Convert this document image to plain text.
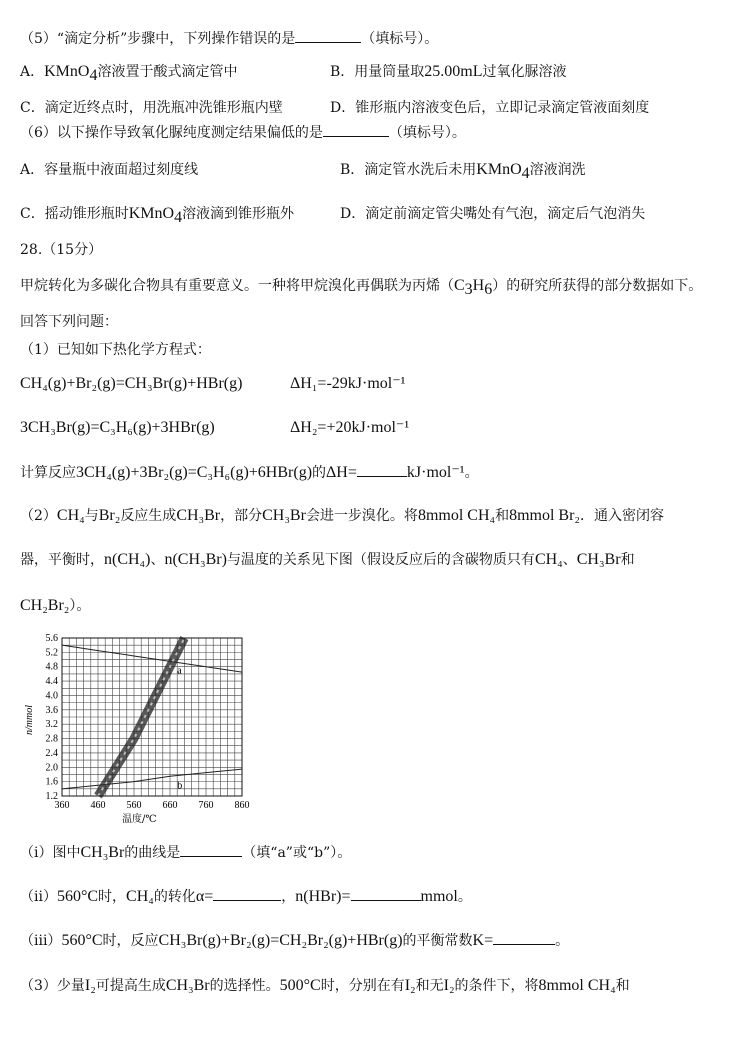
（5）“滴定分析”步骤中，下列操作错误的是	（填标号）。
A．KMnO$_4$溶液置于酸式滴定管中	B．用量筒量取25.00mL过氧化脲溶液
C．滴定近终点时，用洗瓶冲洗锥形瓶内壁	D．锥形瓶内溶液变色后，立即记录滴定管液面刻度
（6）以下操作导致氧化脲纯度测定结果偏低的是	（填标号）。
A．容量瓶中液面超过刻度线	B．滴定管水洗后未用KMnO$_4$溶液润洗
C．摇动锥形瓶时KMnO$_4$溶液滴到锥形瓶外	D．滴定前滴定管尖嘴处有气泡，滴定后气泡消失
28.（15分）
甲烷转化为多碳化合物具有重要意义。一种将甲烷溴化再偶联为丙烯$(C_3H_6)$的研究所获得的部分数据如下。
回答下列问题：
（1）已知如下热化学方程式：
CH₄(g)+Br₂(g)=CH₃Br(g)+HBr(g)	ΔH₁=-29kJ·mol⁻¹
3CH₃Br(g)=C₃H₆(g)+3HBr(g)	ΔH₂=+20kJ·mol⁻¹
计算反应3CH₄(g)+3Br₂(g)=C₃H₆(g)+6HBr(g)的ΔH=	kJ·mol⁻¹。
（2）CH₄与Br₂反应生成CH₃Br，部分CH₃Br会进一步溴化。将8mmol CH₄和8mmol Br₂．通入密闭容
器，平衡时，n(CH₄)、n(CH₃Br)与温度的关系见下图（假设反应后的含碳物质只有CH₄、CH₃Br和
CH₂Br₂）。
a
b
360 460 560 660 760 860
1.2
1.6
2.0
2.4
2.8
3.2
3.6
4.0
4.4
4.8
5.2
5.6
n/mmol
温度/℃
（i）图中CH₃Br的曲线是	（填“a”或“b”）。
（ii）560°C时，CH₄的转化α=	，n(HBr)=	mmol。
（iii）560°C时，反应CH₃Br(g)+Br₂(g)=CH₂Br₂(g)+HBr(g)的平衡常数K=	。
（3）少量I₂可提高生成CH₃Br的选择性。500°C时，分别在有I₂和无I₂的条件下，将8mmol CH₄和
